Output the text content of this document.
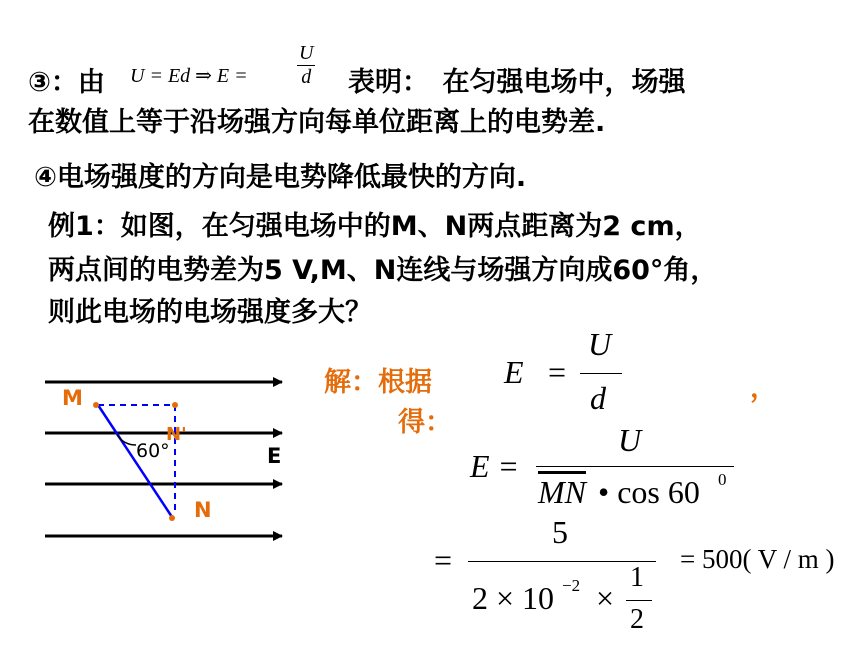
③：由 U = Ed ⇒ $E = \frac{U}{d}$ 表明：　在匀强电场中，场强
在数值上等于沿场强方向每单位距离上的电势差.
④电场强度的方向是电势降低最快的方向.
例1：如图，在匀强电场中的M、N两点距离为2 cm，
两点间的电势差为5 V,M、N连线与场强方向成60°角，
则此电场的电场强度多大？
M
N'
60°	E
N
解：根据
得：
E =
U
d	，
E =
U
$\overline{MN}$ • cos 60 0
=
5
2 × 10 −2 ×
1
2
= 500( V / m )
